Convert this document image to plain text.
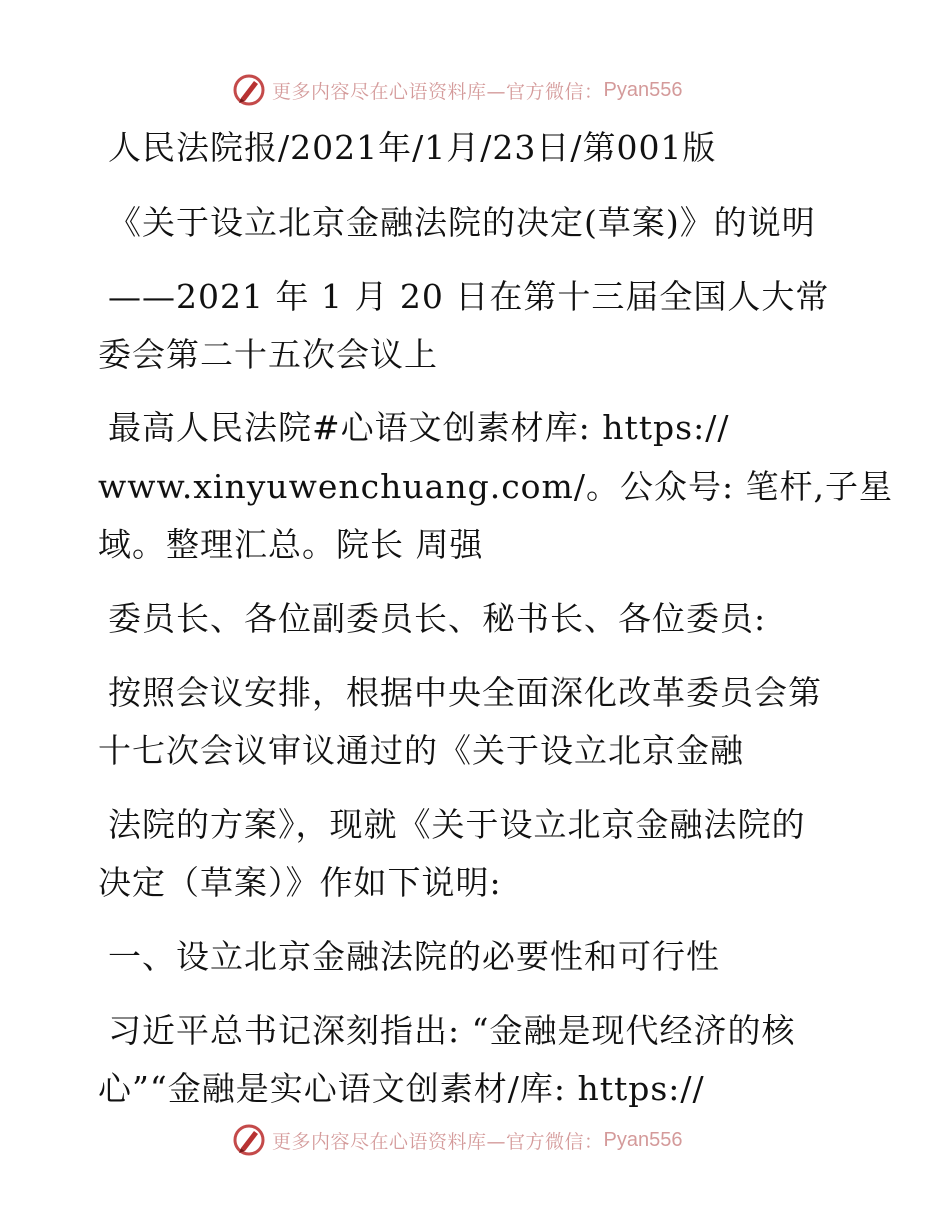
更多内容尽在心语资料库—官方微信： Pyan556
人民法院报/2021年/1月/23日/第001版
《关于设立北京金融法院的决定(草案)》的说明
——2021 年 1 月 20 日在第十三届全国人大常
委会第二十五次会议上
最高人民法院#心语文创素材库: https://
www.xinyuwenchuang.com/。公众号: 笔杆,子星
域。整理汇总。院长 周强
委员长、各位副委员长、秘书长、各位委员:
按照会议安排，根据中央全面深化改革委员会第
十七次会议审议通过的《关于设立北京金融
法院的方案》，现就《关于设立北京金融法院的
决定（草案）》作如下说明:
一、设立北京金融法院的必要性和可行性
习近平总书记深刻指出: “金融是现代经济的核
心”“金融是实心语文创素材/库: https://
更多内容尽在心语资料库—官方微信： Pyan556
